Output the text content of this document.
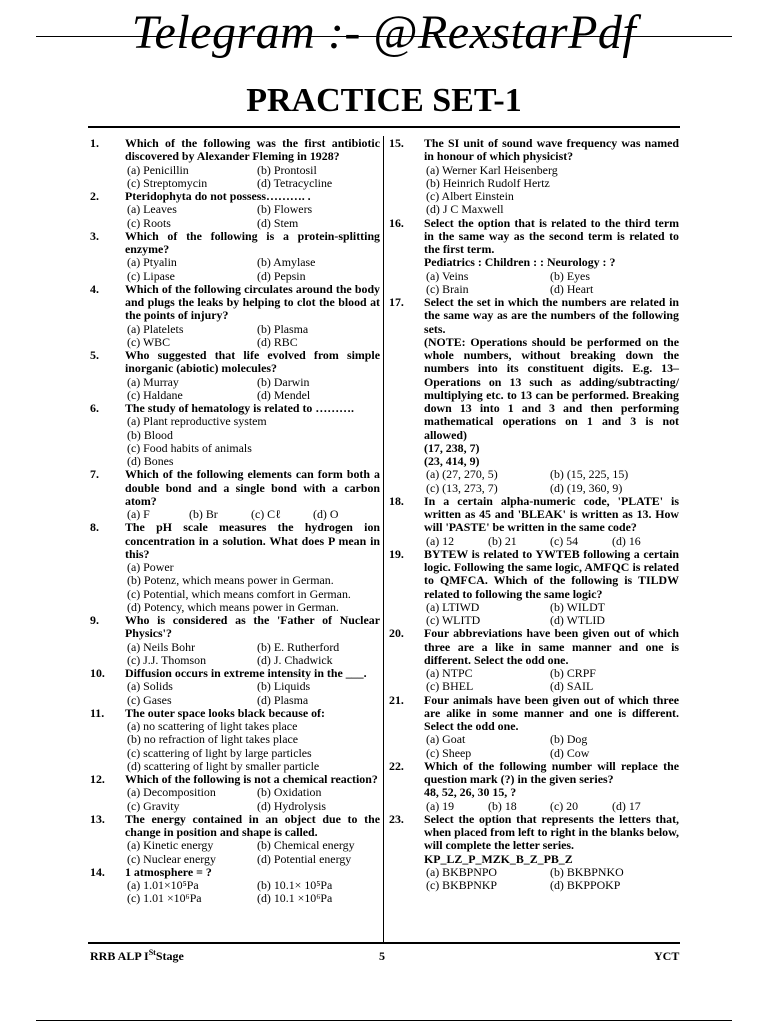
Telegram :- @RexstarPdf
PRACTICE SET-1
1. Which of the following was the first antibiotic discovered by Alexander Fleming in 1928?
(a) Penicillin	(b) Prontosil
(c) Streptomycin	(d) Tetracycline
2. Pteridophyta do not possess………. .
(a) Leaves	(b) Flowers
(c) Roots	(d) Stem
3. Which of the following is a protein-splitting enzyme?
(a) Ptyalin	(b) Amylase
(c) Lipase	(d) Pepsin
4. Which of the following circulates around the body and plugs the leaks by helping to clot the blood at the points of injury?
(a) Platelets	(b) Plasma
(c) WBC	(d) RBC
5. Who suggested that life evolved from simple inorganic (abiotic) molecules?
(a) Murray	(b) Darwin
(c) Haldane	(d) Mendel
6. The study of hematology is related to ……….
(a) Plant reproductive system
(b) Blood
(c) Food habits of animals
(d) Bones
7. Which of the following elements can form both a double bond and a single bond with a carbon atom?
(a) F	(b) Br	(c) Cℓ	(d) O
8. The pH scale measures the hydrogen ion concentration in a solution. What does P mean in this?
(a) Power
(b) Potenz, which means power in German.
(c) Potential, which means comfort in German.
(d) Potency, which means power in German.
9. Who is considered as the 'Father of Nuclear Physics'?
(a) Neils Bohr	(b) E. Rutherford
(c) J.J. Thomson	(d) J. Chadwick
10. Diffusion occurs in extreme intensity in the ___.
(a) Solids	(b) Liquids
(c) Gases	(d) Plasma
11. The outer space looks black because of:
(a) no scattering of light takes place
(b) no refraction of light takes place
(c) scattering of light by large particles
(d) scattering of light by smaller particle
12. Which of the following is not a chemical reaction?
(a) Decomposition	(b) Oxidation
(c) Gravity	(d) Hydrolysis
13. The energy contained in an object due to the change in position and shape is called.
(a) Kinetic energy	(b) Chemical energy
(c) Nuclear energy	(d) Potential energy
14. 1 atmosphere = ?
(a) 1.01×10⁵Pa	(b) 10.1× 10⁵Pa
(c) 1.01 ×10⁶Pa	(d) 10.1 ×10⁶Pa
15. The SI unit of sound wave frequency was named in honour of which physicist?
(a) Werner Karl Heisenberg
(b) Heinrich Rudolf Hertz
(c) Albert Einstein
(d) J C Maxwell
16. Select the option that is related to the third term in the same way as the second term is related to the first term.
Pediatrics : Children : : Neurology : ?
(a) Veins	(b) Eyes
(c) Brain	(d) Heart
17. Select the set in which the numbers are related in the same way as are the numbers of the following sets.
(NOTE: Operations should be performed on the whole numbers, without breaking down the numbers into its constituent digits. E.g. 13– Operations on 13 such as adding/subtracting/ multiplying etc. to 13 can be performed. Breaking down 13 into 1 and 3 and then performing mathematical operations on 1 and 3 is not allowed)
(17, 238, 7)
(23, 414, 9)
(a) (27, 270, 5)	(b) (15, 225, 15)
(c) (13, 273, 7)	(d) (19, 360, 9)
18. In a certain alpha-numeric code, 'PLATE' is written as 45 and 'BLEAK' is written as 13. How will 'PASTE' be written in the same code?
(a) 12	(b) 21	(c) 54	(d) 16
19. BYTEW is related to YWTEB following a certain logic. Following the same logic, AMFQC is related to QMFCA. Which of the following is TILDW related to following the same logic?
(a) LTIWD	(b) WILDT
(c) WLITD	(d) WTLID
20. Four abbreviations have been given out of which three are a like in same manner and one is different. Select the odd one.
(a) NTPC	(b) CRPF
(c) BHEL	(d) SAIL
21. Four animals have been given out of which three are alike in some manner and one is different. Select the odd one.
(a) Goat	(b) Dog
(c) Sheep	(d) Cow
22. Which of the following number will replace the question mark (?) in the given series?
48, 52, 26, 30 15, ?
(a) 19	(b) 18	(c) 20	(d) 17
23. Select the option that represents the letters that, when placed from left to right in the blanks below, will complete the letter series.
KP_LZ_P_MZK_B_Z_PB_Z
(a) BKBPNPO	(b) BKBPNKO
(c) BKBPNKP	(d) BKPPOKP
RRB ALP IStStage	5	YCT
